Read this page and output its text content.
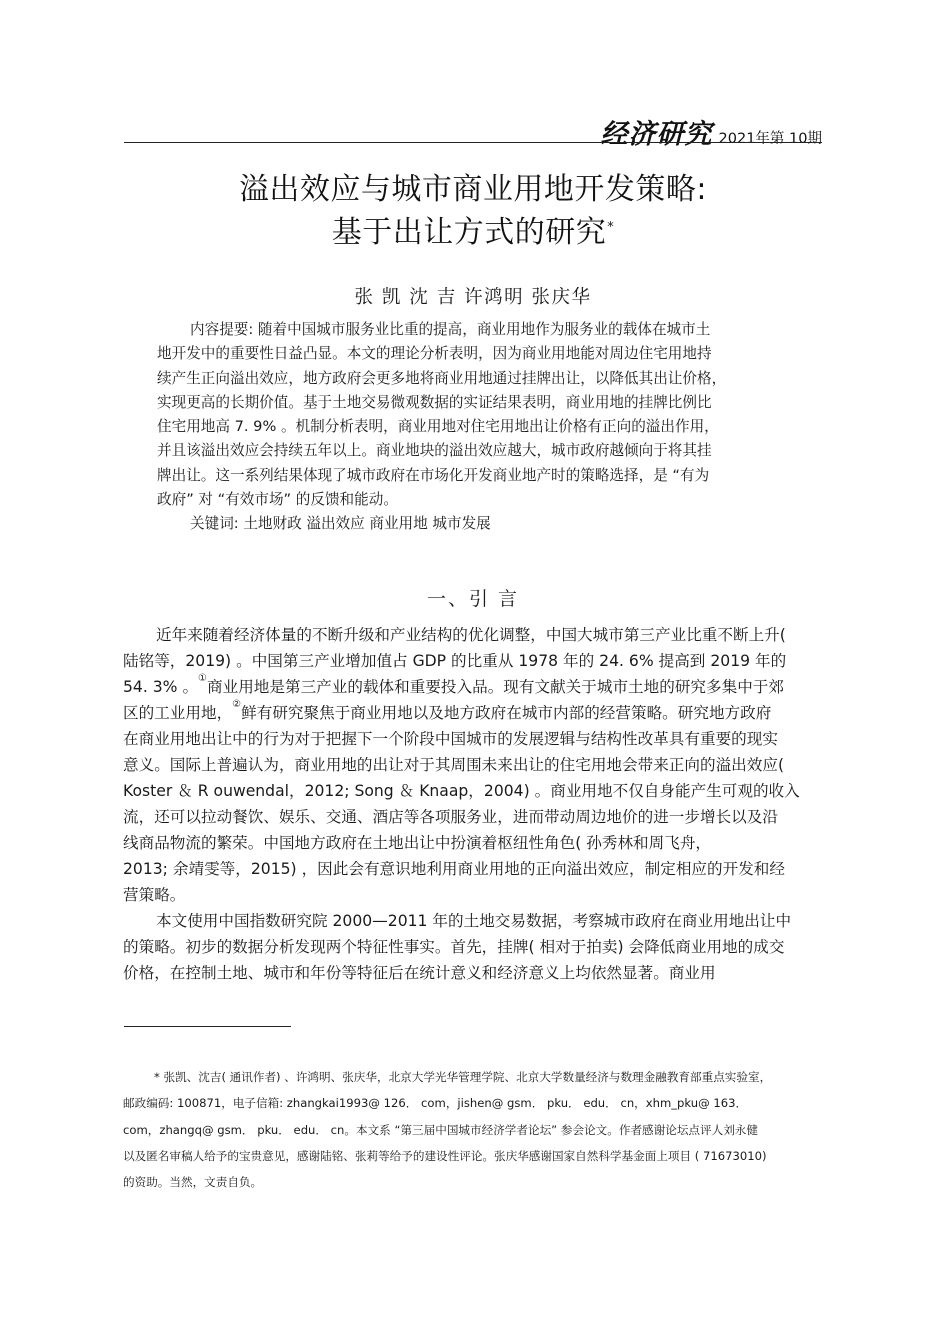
经济研究 2021年第 10期
溢出效应与城市商业用地开发策略:
基于出让方式的研究*
张 凯 沈 吉 许鸿明 张庆华
内容提要: 随着中国城市服务业比重的提高，商业用地作为服务业的载体在城市土
地开发中的重要性日益凸显。本文的理论分析表明，因为商业用地能对周边住宅用地持
续产生正向溢出效应，地方政府会更多地将商业用地通过挂牌出让，以降低其出让价格，
实现更高的长期价值。基于土地交易微观数据的实证结果表明，商业用地的挂牌比例比
住宅用地高 7. 9% 。机制分析表明，商业用地对住宅用地出让价格有正向的溢出作用，
并且该溢出效应会持续五年以上。商业地块的溢出效应越大，城市政府越倾向于将其挂
牌出让。这一系列结果体现了城市政府在市场化开发商业地产时的策略选择，是 “有为
政府” 对 “有效市场” 的反馈和能动。
关键词: 土地财政 溢出效应 商业用地 城市发展
一、引 言
近年来随着经济体量的不断升级和产业结构的优化调整，中国大城市第三产业比重不断上升(
陆铭等，2019) 。中国第三产业增加值占 GDP 的比重从 1978 年的 24. 6% 提高到 2019 年的
54. 3% 。①商业用地是第三产业的载体和重要投入品。现有文献关于城市土地的研究多集中于郊
区的工业用地，②鲜有研究聚焦于商业用地以及地方政府在城市内部的经营策略。研究地方政府
在商业用地出让中的行为对于把握下一个阶段中国城市的发展逻辑与结构性改革具有重要的现实
意义。国际上普遍认为，商业用地的出让对于其周围未来出让的住宅用地会带来正向的溢出效应(
Koster ＆ R ouwendal，2012; Song ＆ Knaap，2004) 。商业用地不仅自身能产生可观的收入
流，还可以拉动餐饮、娱乐、交通、酒店等各项服务业，进而带动周边地价的进一步增长以及沿
线商品物流的繁荣。中国地方政府在土地出让中扮演着枢纽性角色( 孙秀林和周飞舟，
2013; 余靖雯等，2015) ，因此会有意识地利用商业用地的正向溢出效应，制定相应的开发和经
营策略。
本文使用中国指数研究院 2000—2011 年的土地交易数据，考察城市政府在商业用地出让中
的策略。初步的数据分析发现两个特征性事实。首先，挂牌( 相对于拍卖) 会降低商业用地的成交
价格，在控制土地、城市和年份等特征后在统计意义和经济意义上均依然显著。商业用
* 张凯、沈吉( 通讯作者) 、许鸿明、张庆华，北京大学光华管理学院、北京大学数量经济与数理金融教育部重点实验室，
邮政编码: 100871，电子信箱: zhangkai1993@ 126． com，jishen@ gsm． pku． edu． cn，xhm_pku@ 163．
com，zhangq@ gsm． pku． edu． cn。本文系 “第三届中国城市经济学者论坛” 参会论文。作者感谢论坛点评人刘永健
以及匿名审稿人给予的宝贵意见，感谢陆铭、张莉等给予的建设性评论。张庆华感谢国家自然科学基金面上项目 ( 71673010)
的资助。当然，文责自负。
